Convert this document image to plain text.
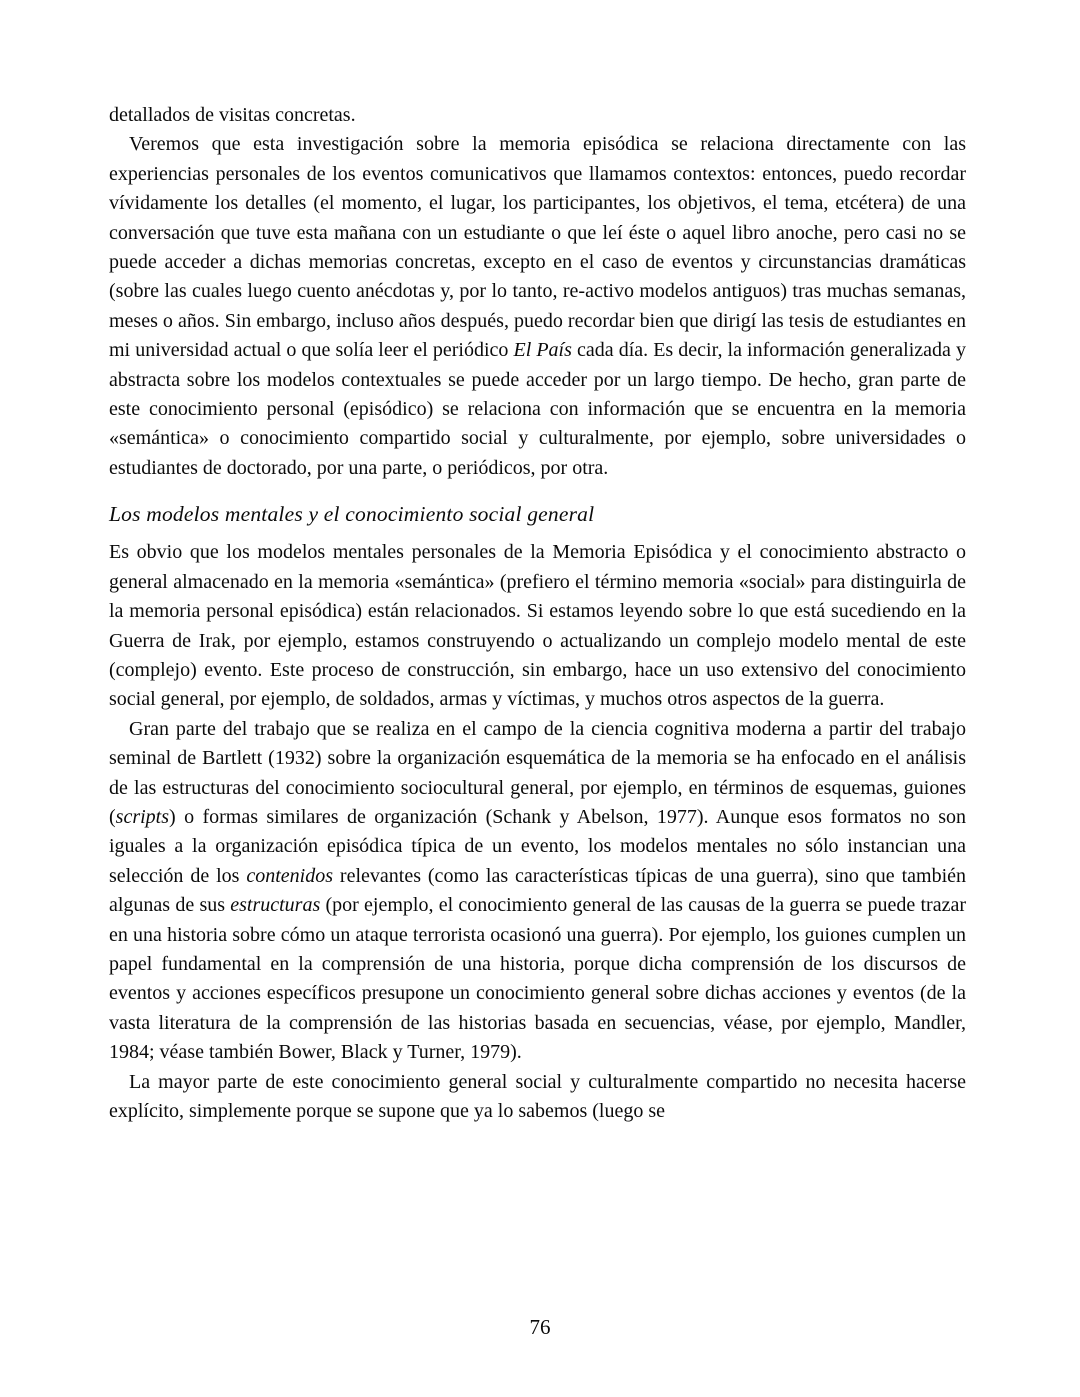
detallados de visitas concretas.

Veremos que esta investigación sobre la memoria episódica se relaciona directamente con las experiencias personales de los eventos comunicativos que llamamos contextos: entonces, puedo recordar vívidamente los detalles (el momento, el lugar, los participantes, los objetivos, el tema, etcétera) de una conversación que tuve esta mañana con un estudiante o que leí éste o aquel libro anoche, pero casi no se puede acceder a dichas memorias concretas, excepto en el caso de eventos y circunstancias dramáticas (sobre las cuales luego cuento anécdotas y, por lo tanto, re-activo modelos antiguos) tras muchas semanas, meses o años. Sin embargo, incluso años después, puedo recordar bien que dirigí las tesis de estudiantes en mi universidad actual o que solía leer el periódico El País cada día. Es decir, la información generalizada y abstracta sobre los modelos contextuales se puede acceder por un largo tiempo. De hecho, gran parte de este conocimiento personal (episódico) se relaciona con información que se encuentra en la memoria «semántica» o conocimiento compartido social y culturalmente, por ejemplo, sobre universidades o estudiantes de doctorado, por una parte, o periódicos, por otra.

Los modelos mentales y el conocimiento social general

Es obvio que los modelos mentales personales de la Memoria Episódica y el conocimiento abstracto o general almacenado en la memoria «semántica» (prefiero el término memoria «social» para distinguirla de la memoria personal episódica) están relacionados. Si estamos leyendo sobre lo que está sucediendo en la Guerra de Irak, por ejemplo, estamos construyendo o actualizando un complejo modelo mental de este (complejo) evento. Este proceso de construcción, sin embargo, hace un uso extensivo del conocimiento social general, por ejemplo, de soldados, armas y víctimas, y muchos otros aspectos de la guerra.

Gran parte del trabajo que se realiza en el campo de la ciencia cognitiva moderna a partir del trabajo seminal de Bartlett (1932) sobre la organización esquemática de la memoria se ha enfocado en el análisis de las estructuras del conocimiento sociocultural general, por ejemplo, en términos de esquemas, guiones (scripts) o formas similares de organización (Schank y Abelson, 1977). Aunque esos formatos no son iguales a la organización episódica típica de un evento, los modelos mentales no sólo instancian una selección de los contenidos relevantes (como las características típicas de una guerra), sino que también algunas de sus estructuras (por ejemplo, el conocimiento general de las causas de la guerra se puede trazar en una historia sobre cómo un ataque terrorista ocasionó una guerra). Por ejemplo, los guiones cumplen un papel fundamental en la comprensión de una historia, porque dicha comprensión de los discursos de eventos y acciones específicos presupone un conocimiento general sobre dichas acciones y eventos (de la vasta literatura de la comprensión de las historias basada en secuencias, véase, por ejemplo, Mandler, 1984; véase también Bower, Black y Turner, 1979).

La mayor parte de este conocimiento general social y culturalmente compartido no necesita hacerse explícito, simplemente porque se supone que ya lo sabemos (luego se

76
